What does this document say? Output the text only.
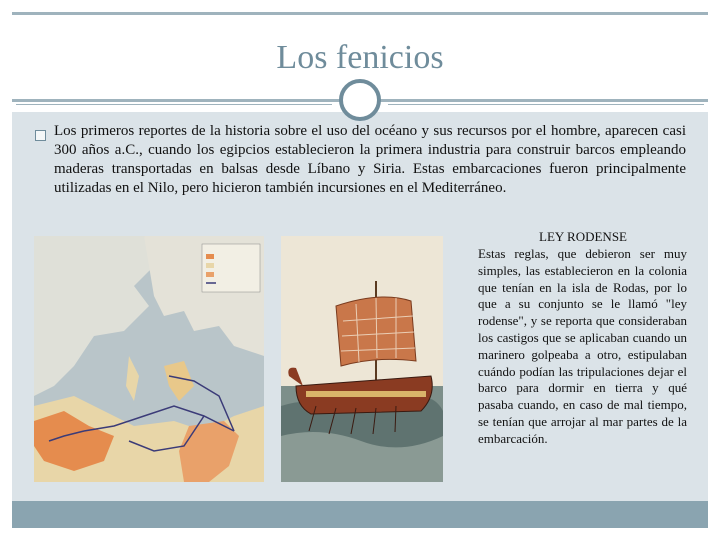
Los fenicios

Los primeros reportes de la historia sobre el uso del océano y sus recursos por el hombre, aparecen casi 300 años a.C., cuando los egipcios establecieron la primera industria para construir barcos empleando maderas transportadas en balsas desde Líbano y Siria. Estas embarcaciones fueron principalmente utilizadas en el Nilo, pero hicieron también incursiones en el Mediterráneo.

LEY RODENSE

Estas reglas, que debieron ser muy simples, las establecieron en la colonia que tenían en la isla de Rodas, por lo que a su conjunto se le llamó "ley rodense", y se reporta que consideraban los castigos que se aplicaban cuando un marinero golpeaba a otro, estipulaban cuándo podían las tripulaciones dejar el barco para dormir en tierra y qué pasaba cuando, en caso de mal tiempo, se tenían que arrojar al mar partes de la embarcación.
